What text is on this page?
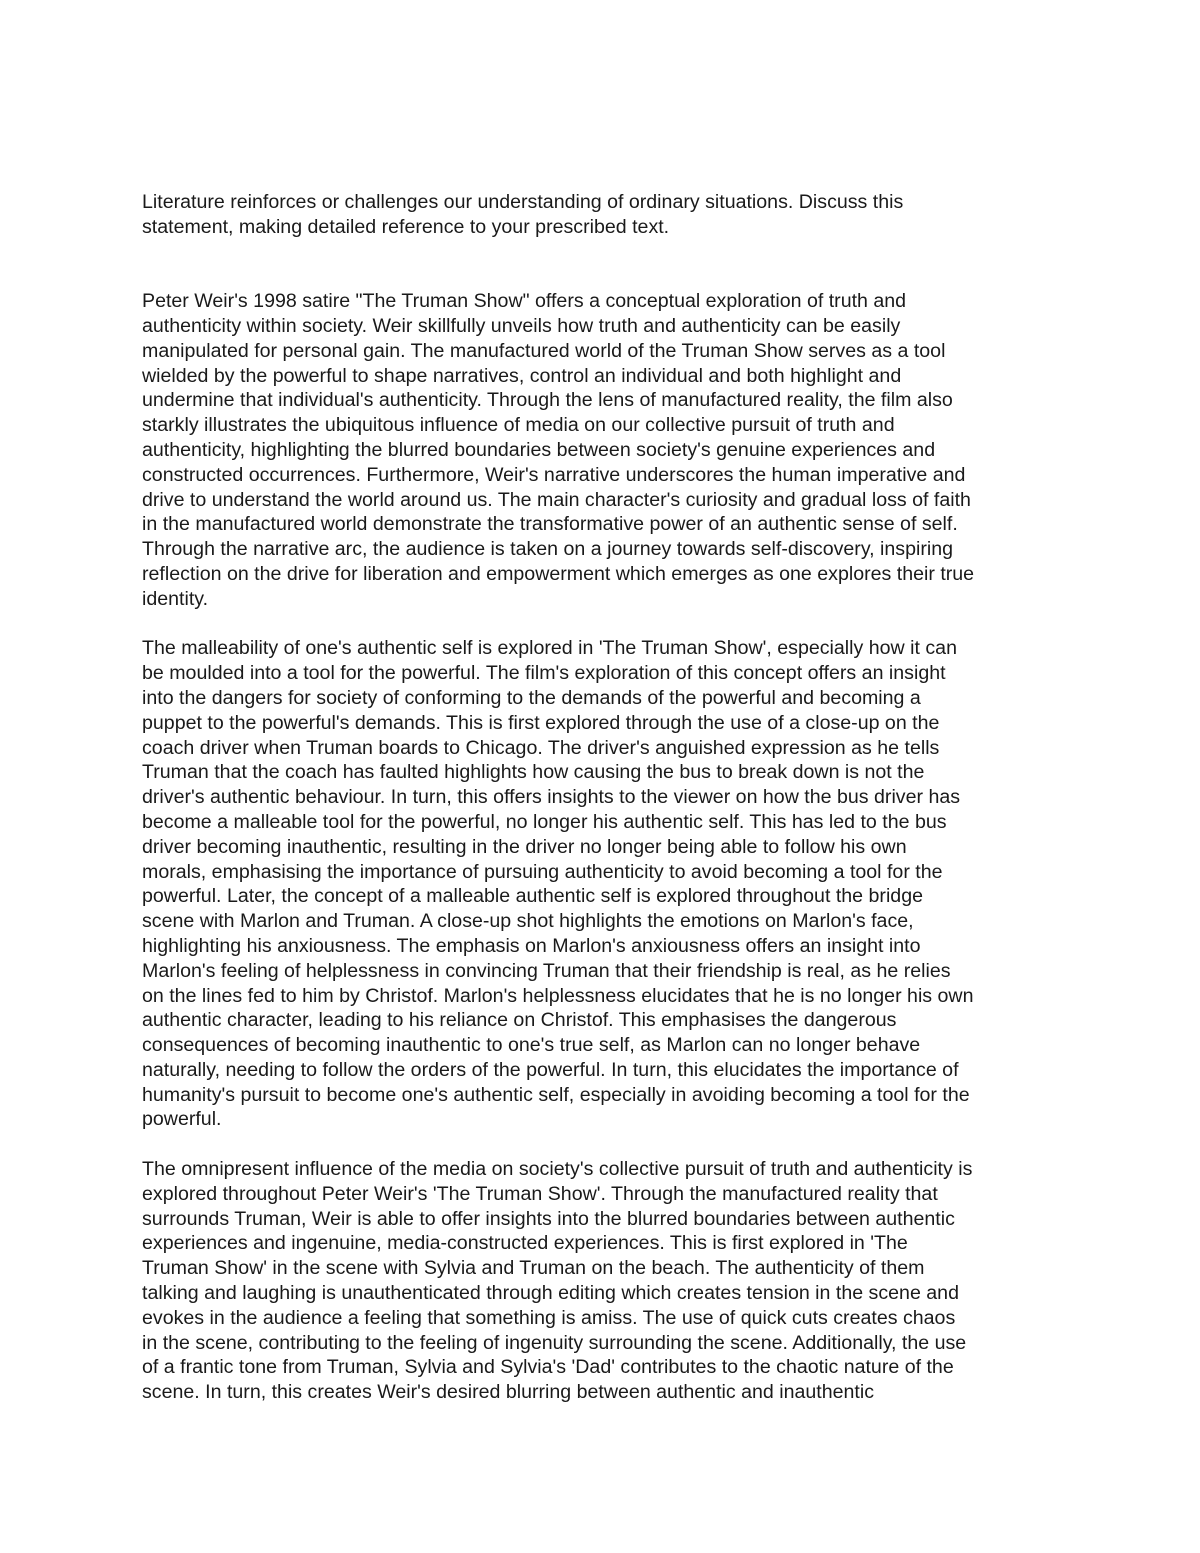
Literature reinforces or challenges our understanding of ordinary situations. Discuss this
statement, making detailed reference to your prescribed text.

Peter Weir's 1998 satire "The Truman Show" offers a conceptual exploration of truth and
authenticity within society. Weir skillfully unveils how truth and authenticity can be easily
manipulated for personal gain. The manufactured world of the Truman Show serves as a tool
wielded by the powerful to shape narratives, control an individual and both highlight and
undermine that individual's authenticity. Through the lens of manufactured reality, the film also
starkly illustrates the ubiquitous influence of media on our collective pursuit of truth and
authenticity, highlighting the blurred boundaries between society's genuine experiences and
constructed occurrences. Furthermore, Weir's narrative underscores the human imperative and
drive to understand the world around us. The main character's curiosity and gradual loss of faith
in the manufactured world demonstrate the transformative power of an authentic sense of self.
Through the narrative arc, the audience is taken on a journey towards self-discovery, inspiring
reflection on the drive for liberation and empowerment which emerges as one explores their true
identity.

The malleability of one's authentic self is explored in 'The Truman Show', especially how it can
be moulded into a tool for the powerful. The film's exploration of this concept offers an insight
into the dangers for society of conforming to the demands of the powerful and becoming a
puppet to the powerful's demands. This is first explored through the use of a close-up on the
coach driver when Truman boards to Chicago. The driver's anguished expression as he tells
Truman that the coach has faulted highlights how causing the bus to break down is not the
driver's authentic behaviour. In turn, this offers insights to the viewer on how the bus driver has
become a malleable tool for the powerful, no longer his authentic self. This has led to the bus
driver becoming inauthentic, resulting in the driver no longer being able to follow his own
morals, emphasising the importance of pursuing authenticity to avoid becoming a tool for the
powerful. Later, the concept of a malleable authentic self is explored throughout the bridge
scene with Marlon and Truman. A close-up shot highlights the emotions on Marlon's face,
highlighting his anxiousness. The emphasis on Marlon's anxiousness offers an insight into
Marlon's feeling of helplessness in convincing Truman that their friendship is real, as he relies
on the lines fed to him by Christof. Marlon's helplessness elucidates that he is no longer his own
authentic character, leading to his reliance on Christof. This emphasises the dangerous
consequences of becoming inauthentic to one's true self, as Marlon can no longer behave
naturally, needing to follow the orders of the powerful. In turn, this elucidates the importance of
humanity's pursuit to become one's authentic self, especially in avoiding becoming a tool for the
powerful.

The omnipresent influence of the media on society's collective pursuit of truth and authenticity is
explored throughout Peter Weir's 'The Truman Show'. Through the manufactured reality that
surrounds Truman, Weir is able to offer insights into the blurred boundaries between authentic
experiences and ingenuine, media-constructed experiences. This is first explored in 'The
Truman Show' in the scene with Sylvia and Truman on the beach. The authenticity of them
talking and laughing is unauthenticated through editing which creates tension in the scene and
evokes in the audience a feeling that something is amiss. The use of quick cuts creates chaos
in the scene, contributing to the feeling of ingenuity surrounding the scene. Additionally, the use
of a frantic tone from Truman, Sylvia and Sylvia's 'Dad' contributes to the chaotic nature of the
scene. In turn, this creates Weir's desired blurring between authentic and inauthentic
